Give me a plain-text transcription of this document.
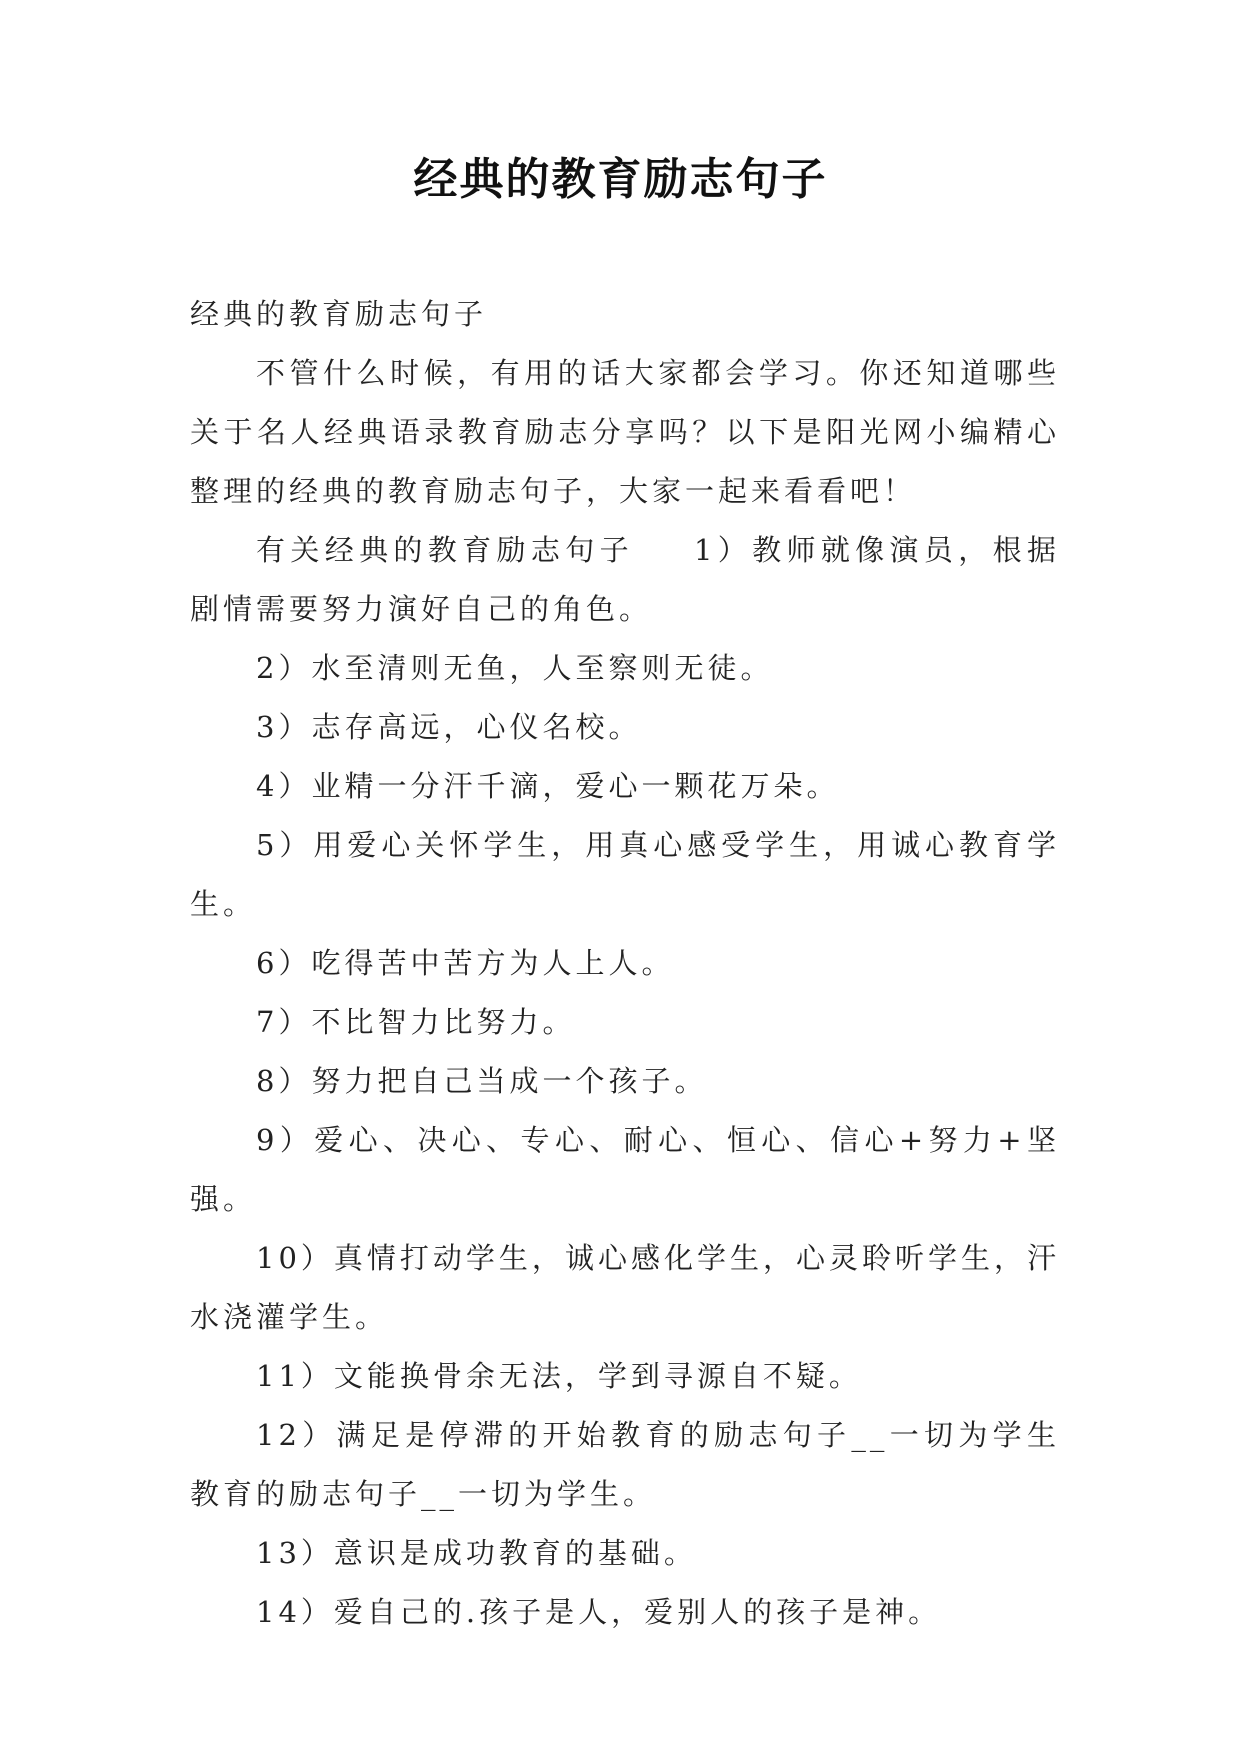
经典的教育励志句子

经典的教育励志句子

不管什么时候，有用的话大家都会学习。你还知道哪些关于名人经典语录教育励志分享吗？以下是阳光网小编精心整理的经典的教育励志句子，大家一起来看看吧！

有关经典的教育励志句子 1）教师就像演员，根据剧情需要努力演好自己的角色。

2）水至清则无鱼，人至察则无徒。

3）志存高远，心仪名校。

4）业精一分汗千滴，爱心一颗花万朵。

5）用爱心关怀学生，用真心感受学生，用诚心教育学生。

6）吃得苦中苦方为人上人。

7）不比智力比努力。

8）努力把自己当成一个孩子。

9）爱心、决心、专心、耐心、恒心、信心+努力+坚强。

10）真情打动学生，诚心感化学生，心灵聆听学生，汗水浇灌学生。

11）文能换骨余无法，学到寻源自不疑。

12）满足是停滞的开始教育的励志句子__一切为学生教育的励志句子__一切为学生。

13）意识是成功教育的基础。

14）爱自己的.孩子是人，爱别人的孩子是神。
